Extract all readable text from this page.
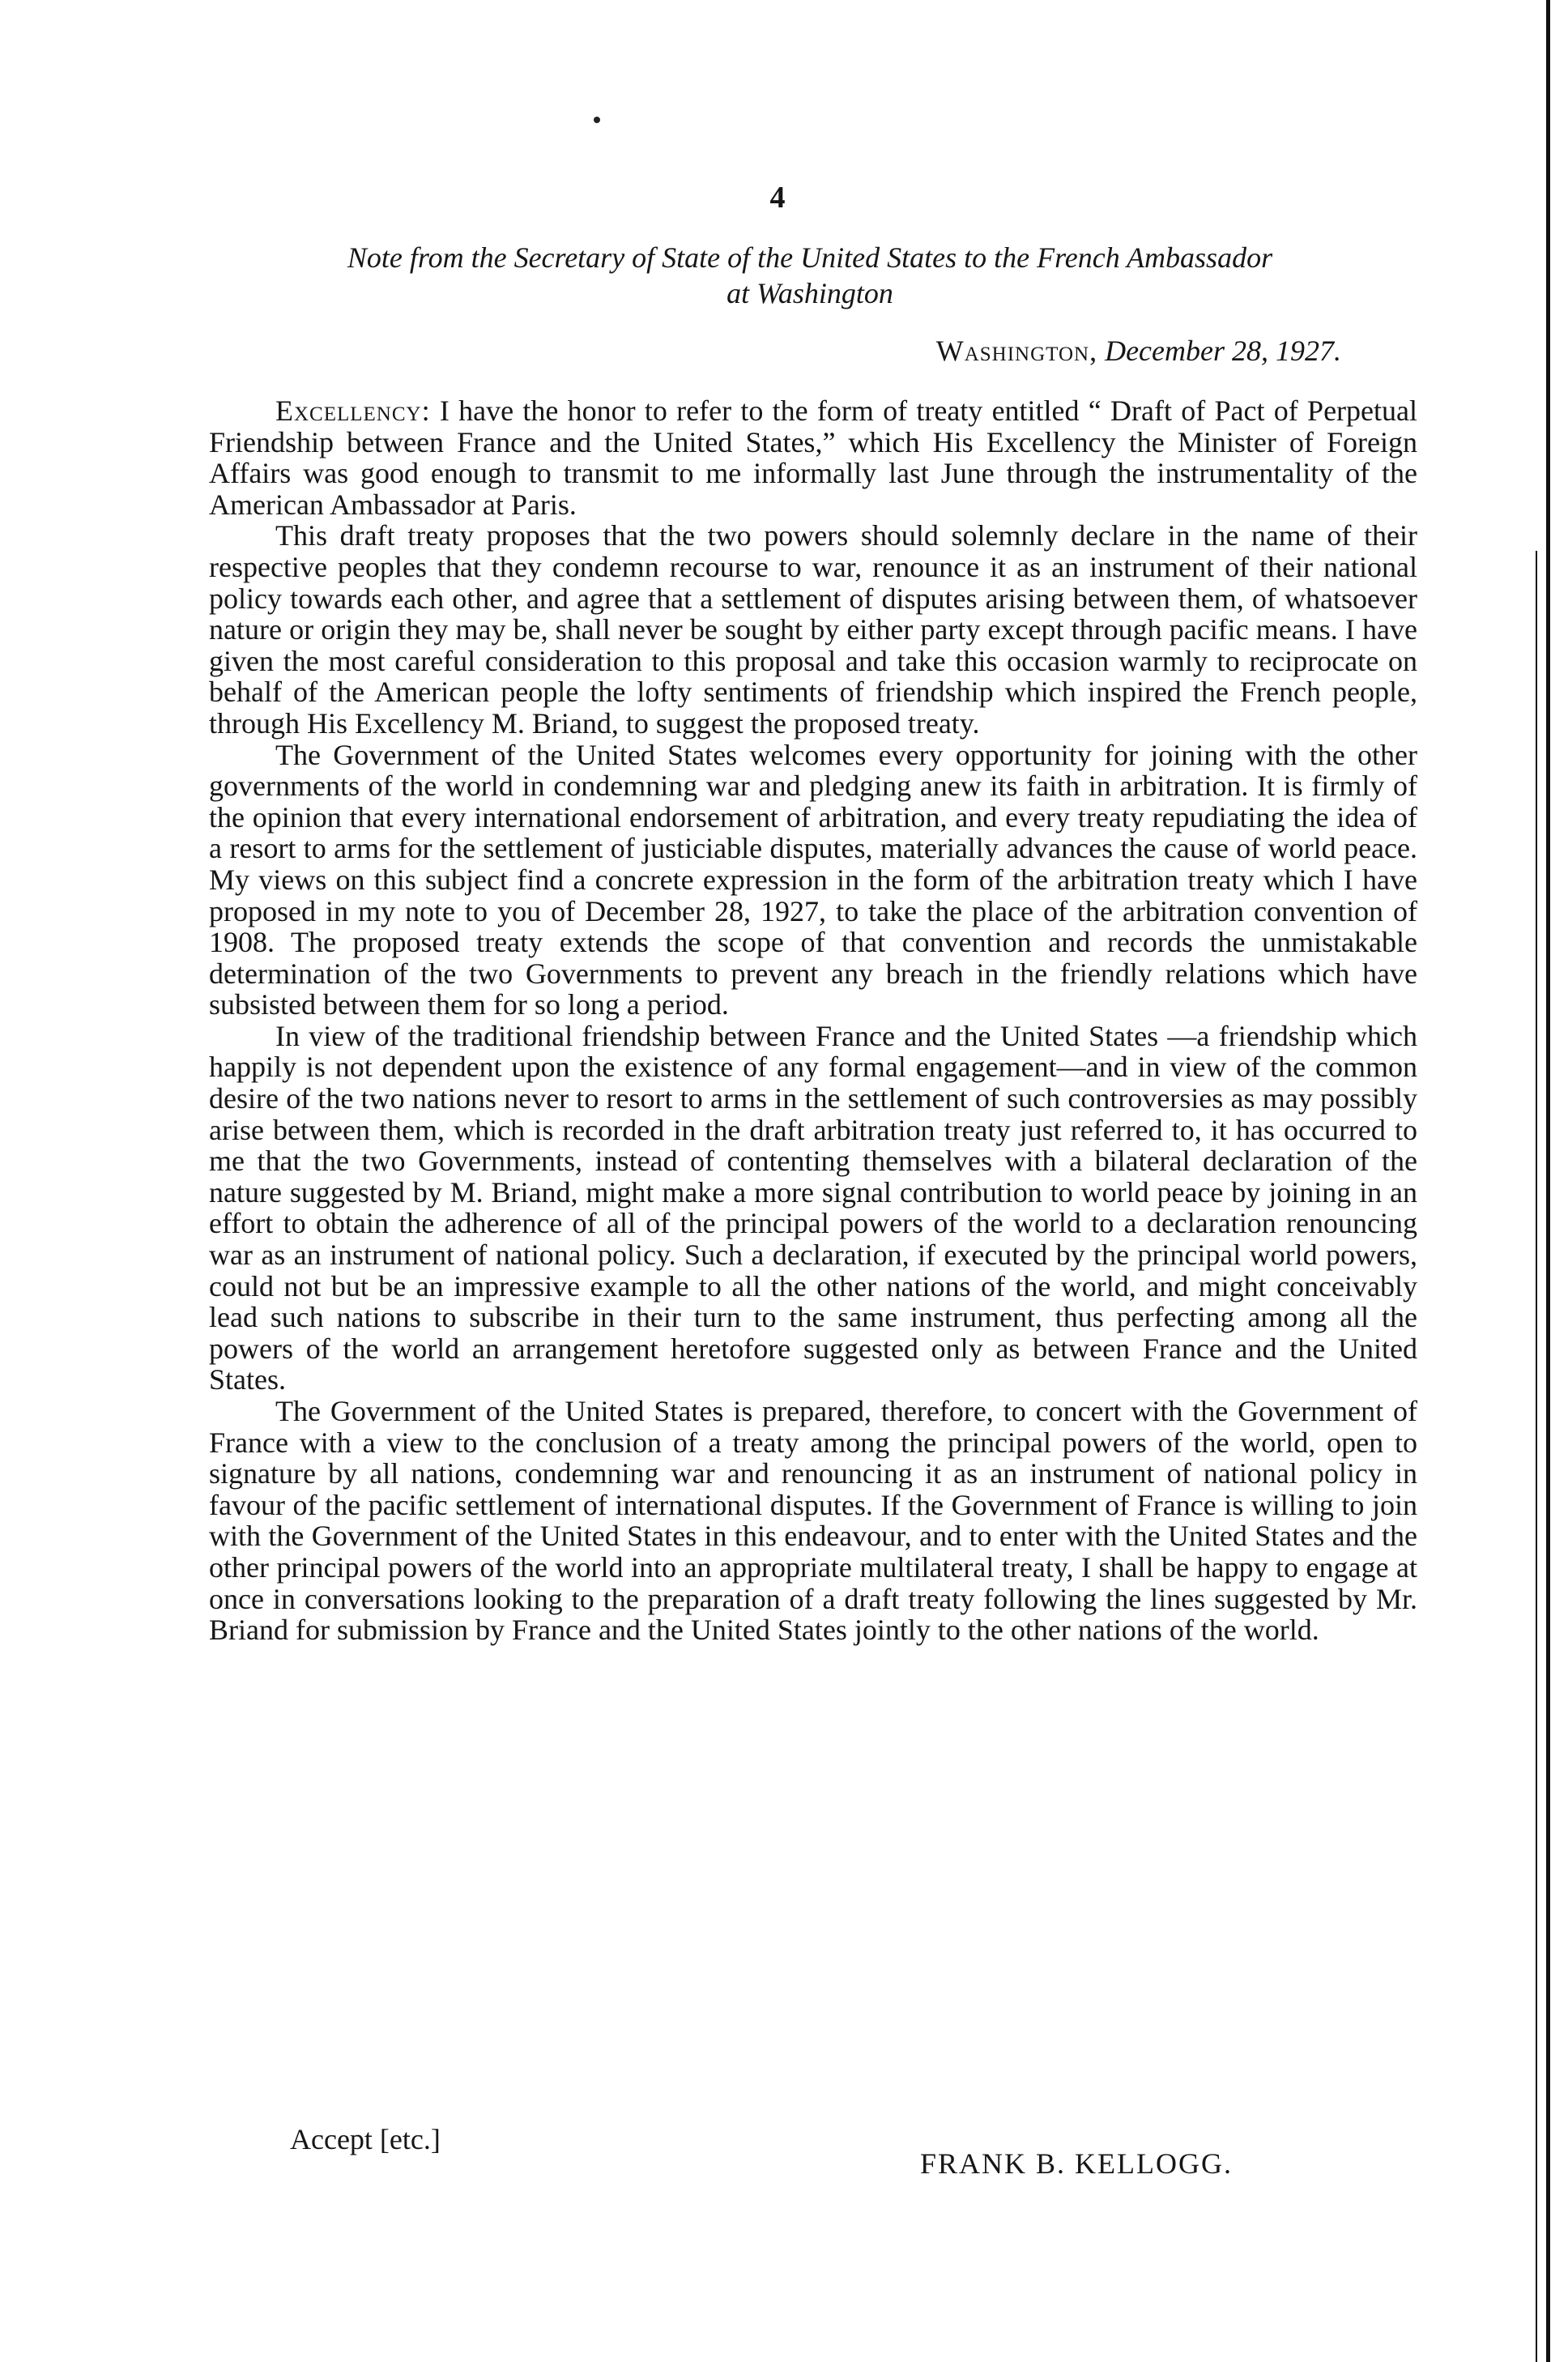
4
Note from the Secretary of State of the United States to the French Ambassador
at Washington
Washington, December 28, 1927.

Excellency: I have the honor to refer to the form of treaty entitled “ Draft of Pact of Perpetual Friendship between France and the United States,” which His Excellency the Minister of Foreign Affairs was good enough to transmit to me informally last June through the instrumentality of the American Ambassador at Paris.

This draft treaty proposes that the two powers should solemnly declare in the name of their respective peoples that they condemn recourse to war, renounce it as an instrument of their national policy towards each other, and agree that a settlement of disputes arising between them, of whatsoever nature or origin they may be, shall never be sought by either party except through pacific means. I have given the most careful consideration to this proposal and take this occasion warmly to reciprocate on behalf of the American people the lofty sentiments of friendship which inspired the French people, through His Excellency M. Briand, to suggest the proposed treaty.

The Government of the United States welcomes every opportunity for joining with the other governments of the world in condemning war and pledging anew its faith in arbitration. It is firmly of the opinion that every international endorsement of arbitration, and every treaty repudiating the idea of a resort to arms for the settlement of justiciable disputes, materially advances the cause of world peace. My views on this subject find a concrete expression in the form of the arbitration treaty which I have proposed in my note to you of December 28, 1927, to take the place of the arbitration convention of 1908. The proposed treaty extends the scope of that convention and records the unmistakable determination of the two Governments to prevent any breach in the friendly relations which have subsisted between them for so long a period.

In view of the traditional friendship between France and the United States —a friendship which happily is not dependent upon the existence of any formal engagement—and in view of the common desire of the two nations never to resort to arms in the settlement of such controversies as may possibly arise between them, which is recorded in the draft arbitration treaty just referred to, it has occurred to me that the two Governments, instead of contenting themselves with a bilateral declaration of the nature suggested by M. Briand, might make a more signal contribution to world peace by joining in an effort to obtain the adherence of all of the principal powers of the world to a declaration renouncing war as an instrument of national policy. Such a declaration, if executed by the principal world powers, could not but be an impressive example to all the other nations of the world, and might conceivably lead such nations to subscribe in their turn to the same instrument, thus perfecting among all the powers of the world an arrangement heretofore suggested only as between France and the United States.

The Government of the United States is prepared, therefore, to concert with the Government of France with a view to the conclusion of a treaty among the principal powers of the world, open to signature by all nations, condemning war and renouncing it as an instrument of national policy in favour of the pacific settlement of international disputes. If the Government of France is willing to join with the Government of the United States in this endeavour, and to enter with the United States and the other principal powers of the world into an appropriate multilateral treaty, I shall be happy to engage at once in conversations looking to the preparation of a draft treaty following the lines suggested by Mr. Briand for submission by France and the United States jointly to the other nations of the world.

Accept [etc.]
FRANK B. KELLOGG.
